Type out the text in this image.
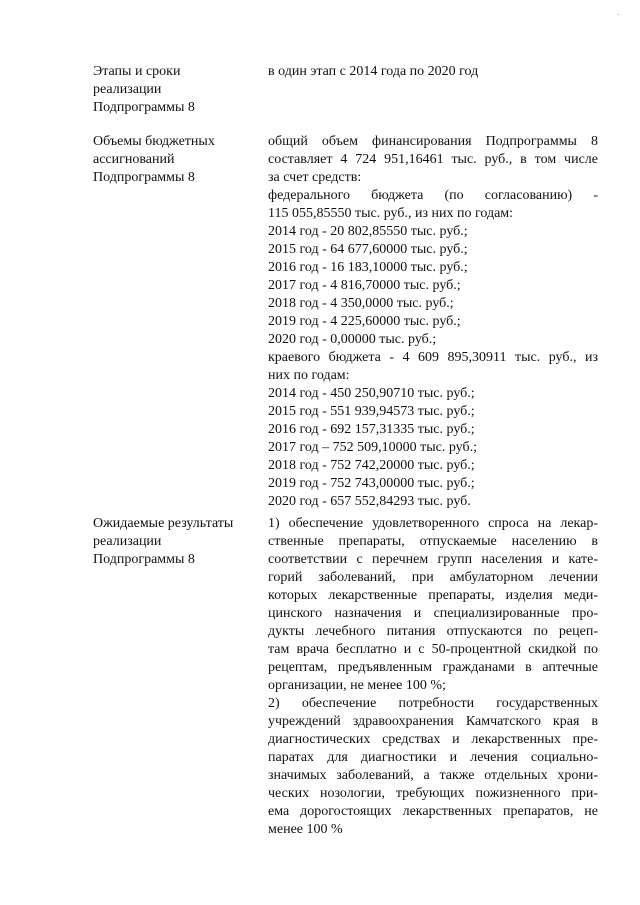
Этапы и сроки
реализации
Подпрограммы 8
в один этап с 2014 года по 2020 год
Объемы бюджетных
ассигнований
Подпрограммы 8
общий объем финансирования Подпрограммы 8
составляет 4 724 951,16461 тыс. руб., в том числе
за счет средств:
федерального бюджета (по согласованию) -
115 055,85550 тыс. руб., из них по годам:
2014 год - 20 802,85550 тыс. руб.;
2015 год - 64 677,60000 тыс. руб.;
2016 год - 16 183,10000 тыс. руб.;
2017 год - 4 816,70000 тыс. руб.;
2018 год - 4 350,0000 тыс. руб.;
2019 год - 4 225,60000 тыс. руб.;
2020 год - 0,00000 тыс. руб.;
краевого бюджета - 4 609 895,30911 тыс. руб., из
них по годам:
2014 год - 450 250,90710 тыс. руб.;
2015 год - 551 939,94573 тыс. руб.;
2016 год - 692 157,31335 тыс. руб.;
2017 год – 752 509,10000 тыс. руб.;
2018 год - 752 742,20000 тыс. руб.;
2019 год - 752 743,00000 тыс. руб.;
2020 год - 657 552,84293 тыс. руб.
Ожидаемые результаты
реализации
Подпрограммы 8
1) обеспечение удовлетворенного спроса на лекар-
ственные препараты, отпускаемые населению в
соответствии с перечнем групп населения и кате-
горий заболеваний, при амбулаторном лечении
которых лекарственные препараты, изделия меди-
цинского назначения и специализированные про-
дукты лечебного питания отпускаются по рецеп-
там врача бесплатно и с 50-процентной скидкой по
рецептам, предъявленным гражданами в аптечные
организации, не менее 100 %;
2) обеспечение потребности государственных
учреждений здравоохранения Камчатского края в
диагностических средствах и лекарственных пре-
паратах для диагностики и лечения социально-
значимых заболеваний, а также отдельных хрони-
ческих нозологии, требующих пожизненного при-
ема дорогостоящих лекарственных препаратов, не
менее 100 %
